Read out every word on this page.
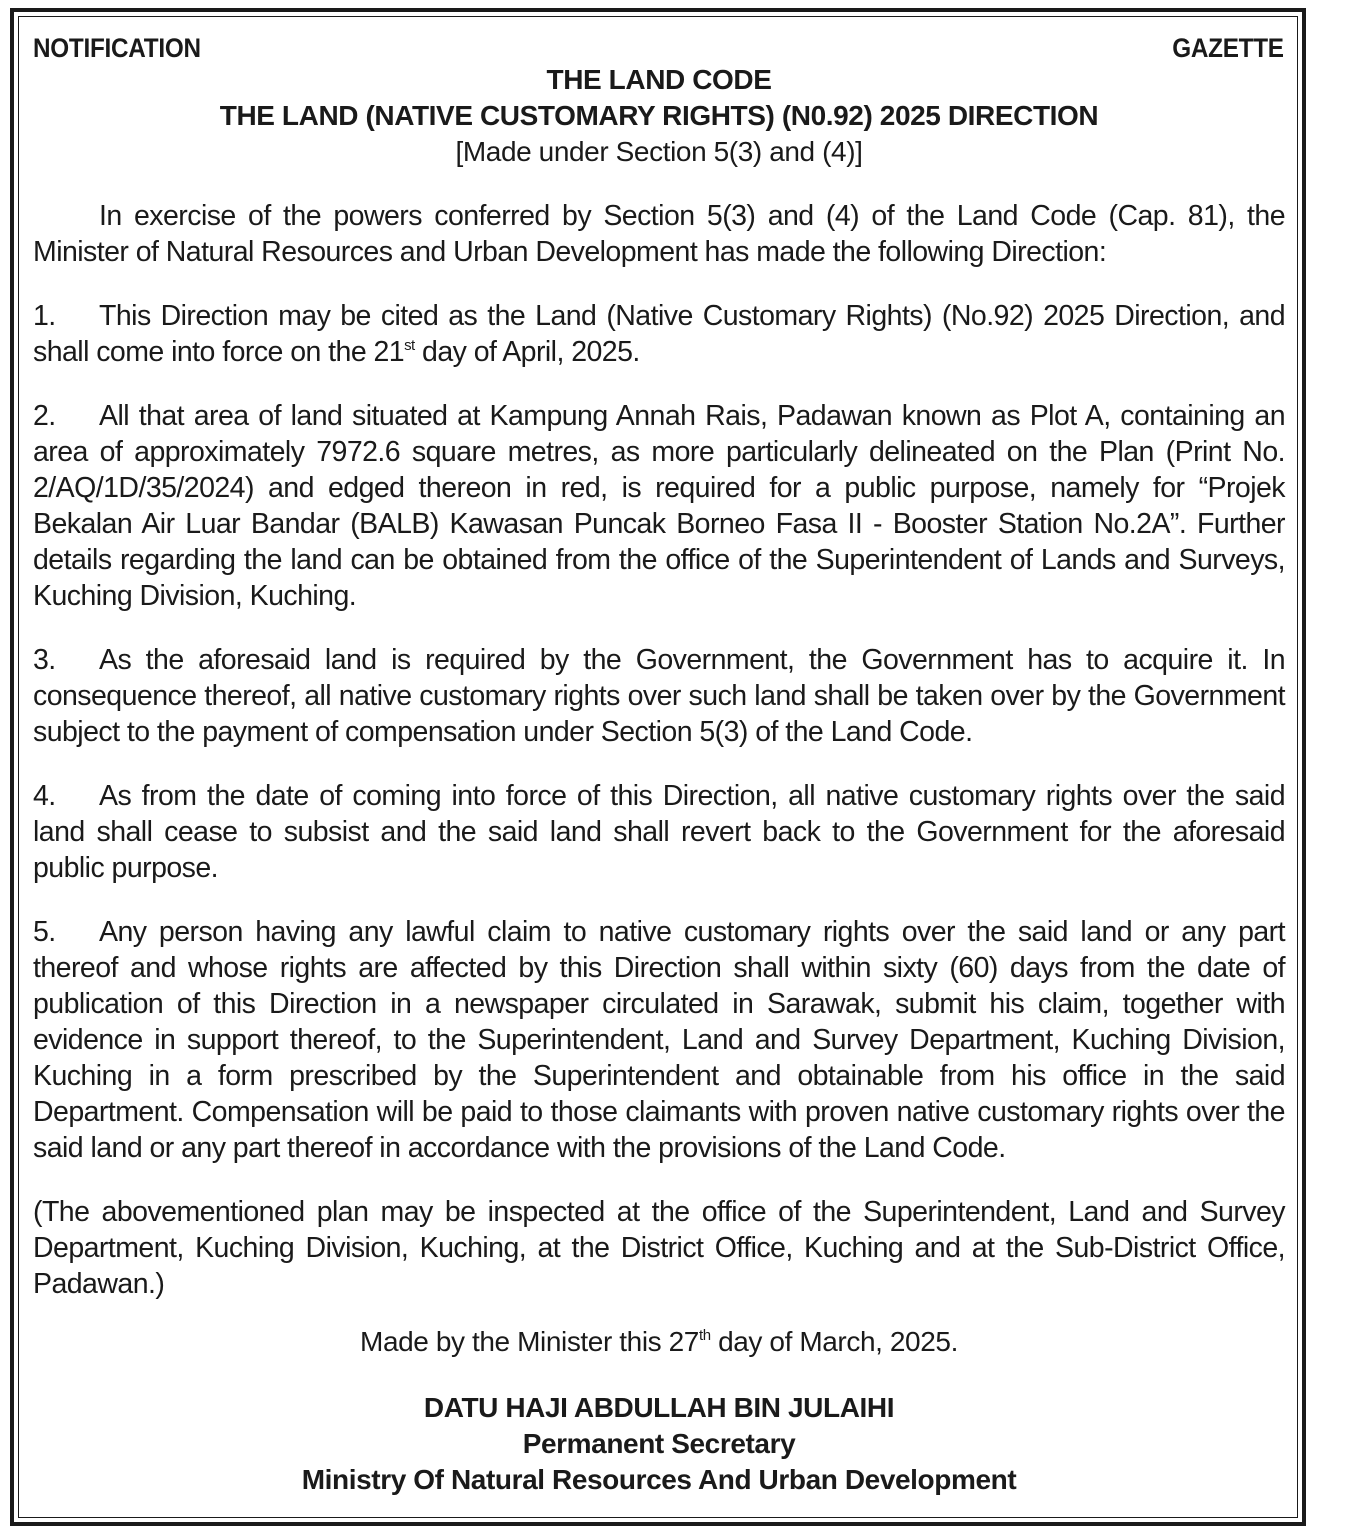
NOTIFICATION	GAZETTE
THE LAND CODE
THE LAND (NATIVE CUSTOMARY RIGHTS) (N0.92) 2025 DIRECTION
[Made under Section 5(3) and (4)]

In exercise of the powers conferred by Section 5(3) and (4) of the Land Code (Cap. 81), the Minister of Natural Resources and Urban Development has made the following Direction:

1. This Direction may be cited as the Land (Native Customary Rights) (No.92) 2025 Direction, and shall come into force on the 21st day of April, 2025.

2. All that area of land situated at Kampung Annah Rais, Padawan known as Plot A, containing an area of approximately 7972.6 square metres, as more particularly delineated on the Plan (Print No. 2/AQ/1D/35/2024) and edged thereon in red, is required for a public purpose, namely for “Projek Bekalan Air Luar Bandar (BALB) Kawasan Puncak Borneo Fasa II - Booster Station No.2A”. Further details regarding the land can be obtained from the office of the Superintendent of Lands and Surveys, Kuching Division, Kuching.

3. As the aforesaid land is required by the Government, the Government has to acquire it. In consequence thereof, all native customary rights over such land shall be taken over by the Government subject to the payment of compensation under Section 5(3) of the Land Code.

4. As from the date of coming into force of this Direction, all native customary rights over the said land shall cease to subsist and the said land shall revert back to the Government for the aforesaid public purpose.

5. Any person having any lawful claim to native customary rights over the said land or any part thereof and whose rights are affected by this Direction shall within sixty (60) days from the date of publication of this Direction in a newspaper circulated in Sarawak, submit his claim, together with evidence in support thereof, to the Superintendent, Land and Survey Department, Kuching Division, Kuching in a form prescribed by the Superintendent and obtainable from his office in the said Department. Compensation will be paid to those claimants with proven native customary rights over the said land or any part thereof in accordance with the provisions of the Land Code.

(The abovementioned plan may be inspected at the office of the Superintendent, Land and Survey Department, Kuching Division, Kuching, at the District Office, Kuching and at the Sub-District Office, Padawan.)

Made by the Minister this 27th day of March, 2025.
DATU HAJI ABDULLAH BIN JULAIHI
Permanent Secretary
Ministry Of Natural Resources And Urban Development
